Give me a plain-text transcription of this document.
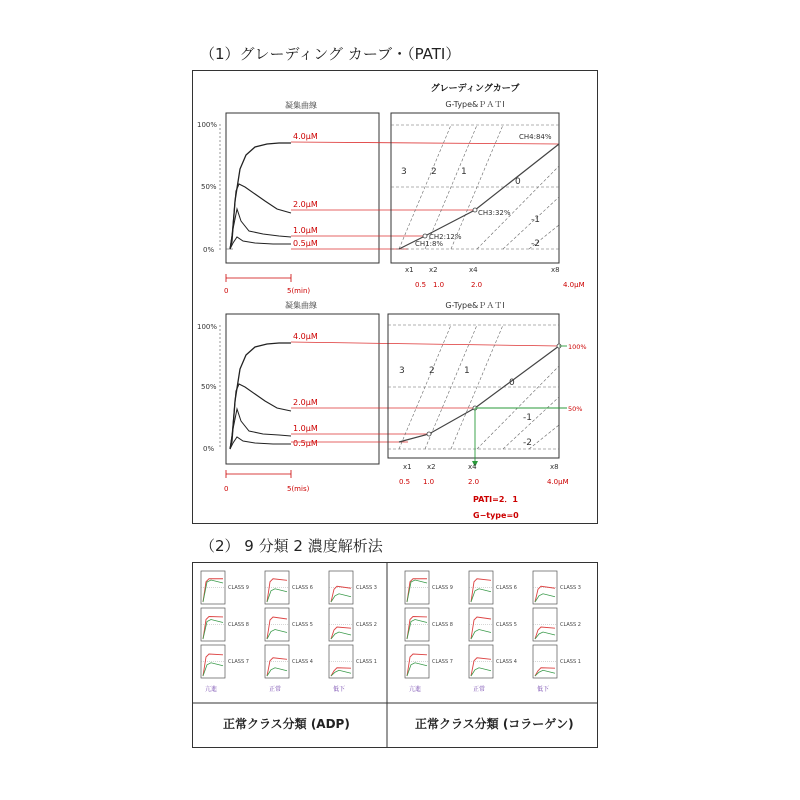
（1）グレーディング カーブ・（PATI）
グレーディングカーブ
凝集曲線
100%
50%
0%
4.0μM
2.0μM
1.0μM
0.5μM
0	5(min)
G-Type&ＰＡＴⅠ
3	2	1
0
-1
-2
CH4:84%
CH3:32%
CH2:12%
CH1:8%
x1 x2	x4	x8
0.5 1.0	2.0	4.0μM
凝集曲線
100%
50%
0%
4.0μM
2.0μM
1.0μM
0.5μM
0	5(mis)
G-Type&ＰＡＴⅠ
3	2	1
0
-1
-2
100%
50%
x1 x2	x4	x8
0.5 1.0	2.0	4.0μM
PATI=2．1
G−type=0
（2） 9 分類 2 濃度解析法
CLASS 9	CLASS 6	CLASS 3
CLASS 8	CLASS 5	CLASS 2
CLASS 7	CLASS 4	CLASS 1
亢進	正常	低下
CLASS 9	CLASS 6	CLASS 3
CLASS 8	CLASS 5	CLASS 2
CLASS 7	CLASS 4	CLASS 1
亢進	正常	低下
正常クラス分類 (ADP)	正常クラス分類 (コラーゲン)
